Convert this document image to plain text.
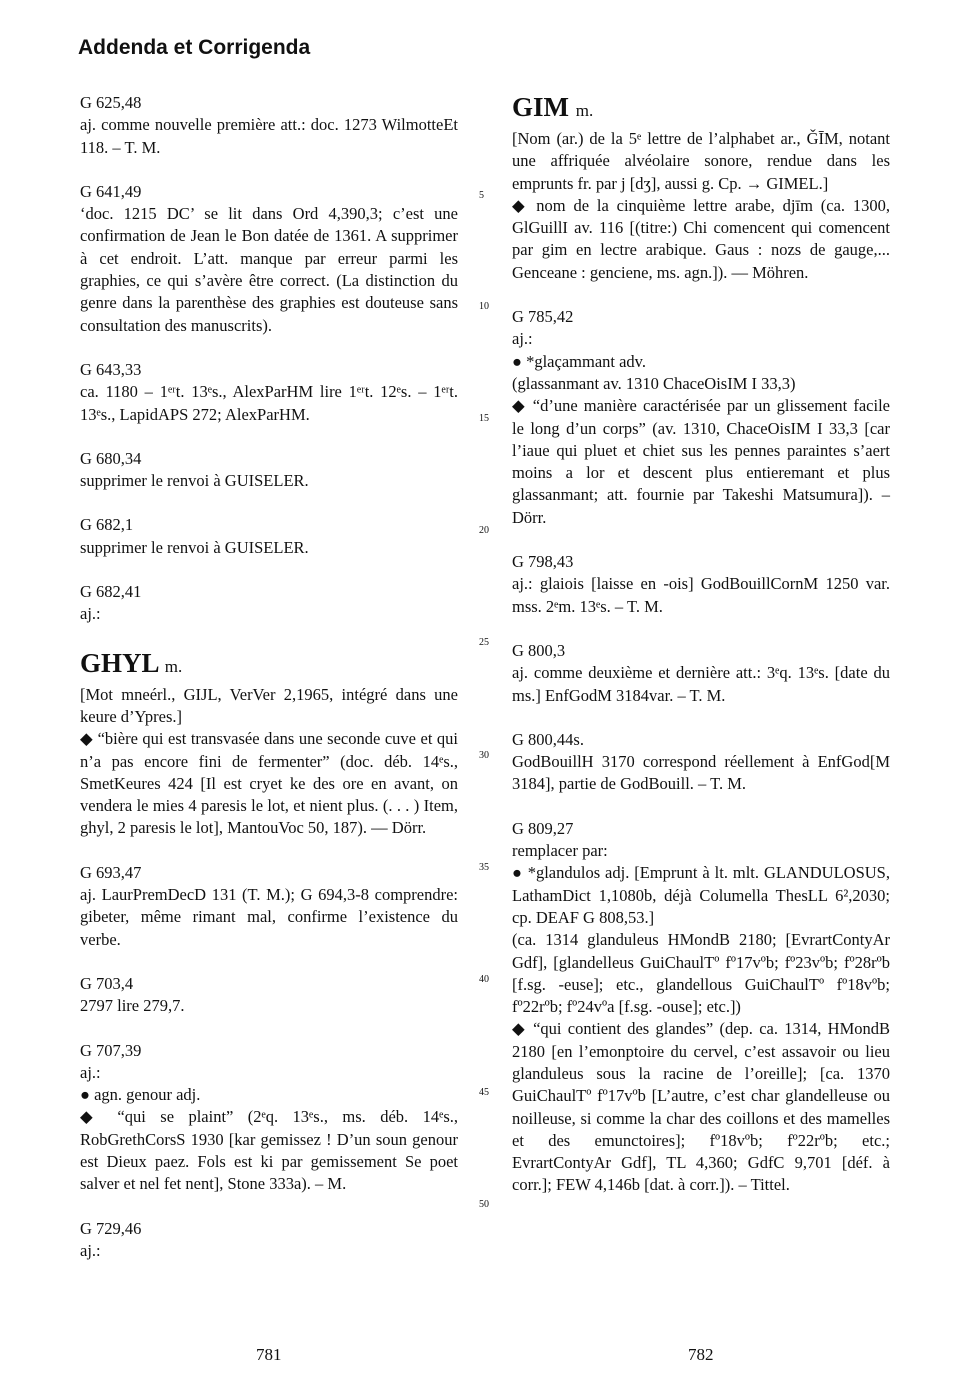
Addenda et Corrigenda

G 625,48

aj. comme nouvelle première att.: doc. 1273 WilmotteEt 118. – T. M.

G 641,49

‘doc. 1215 DC’ se lit dans Ord 4,390,3; c’est une confirmation de Jean le Bon datée de 1361. A supprimer à cet endroit. L’att. manque par erreur parmi les graphies, ce qui s’avère être correct. (La distinction du genre dans la parenthèse des graphies est douteuse sans consultation des manuscrits).

G 643,33

ca. 1180 – 1ᵉʳt. 13ᵉs., AlexParHM lire 1ᵉʳt. 12ᵉs. – 1ᵉʳt. 13ᵉs., LapidAPS 272; AlexParHM.

G 680,34

supprimer le renvoi à GUISELER.

G 682,1

supprimer le renvoi à GUISELER.

G 682,41

aj.:

GHYL m.

[Mot mneérl., GIJL, VerVer 2,1965, intégré dans une keure d’Ypres.]

◆ “bière qui est transvasée dans une seconde cuve et qui n’a pas encore fini de fermenter” (doc. déb. 14ᵉs., SmetKeures 424 [Il est cryet ke des ore en avant, on vendera le mies 4 paresis le lot, et nient plus. (. . . ) Item, ghyl, 2 paresis le lot], MantouVoc 50, 187). — Dörr.

G 693,47

aj. LaurPremDecD 131 (T. M.); G 694,3-8 comprendre: gibeter, même rimant mal, confirme l’existence du verbe.

G 703,4

2797 lire 279,7.

G 707,39

aj.:

● agn. genour adj.

◆ “qui se plaint” (2ᵉq. 13ᵉs., ms. déb. 14ᵉs., RobGrethCorsS 1930 [kar gemissez ! D’un soun genour est Dieux paez. Fols est ki par gemissement Se poet salver et nel fet nent], Stone 333a). – M.

G 729,46

aj.:

GIM m.

[Nom (ar.) de la 5ᵉ lettre de l’alphabet ar., ǦĪM, notant une affriquée alvéolaire sonore, rendue dans les emprunts fr. par j [dʒ], aussi g. Cp. → GIMEL.]

◆ nom de la cinquième lettre arabe, djīm (ca. 1300, GlGuillI av. 116 [(titre:) Chi comencent qui comencent par gim en lectre arabique. Gaus : nozs de gauge,... Genceane : genciene, ms. agn.]). — Möhren.

G 785,42

aj.:

● *glaçammant adv.

(glassanmant av. 1310 ChaceOisIM I 33,3)

◆ “d’une manière caractérisée par un glissement facile le long d’un corps” (av. 1310, ChaceOisIM I 33,3 [car l’iaue qui pluet et chiet sus les pennes paraintes s’aert moins a lor et descent plus entieremant et plus glassanmant; att. fournie par Takeshi Matsumura]). – Dörr.

G 798,43

aj.: glaiois [laisse en -ois] GodBouillCornM 1250 var. mss. 2ᵉm. 13ᵉs. – T. M.

G 800,3

aj. comme deuxième et dernière att.: 3ᵉq. 13ᵉs. [date du ms.] EnfGodM 3184var. – T. M.

G 800,44s.

GodBouillH 3170 correspond réellement à EnfGod[M 3184], partie de GodBouill. – T. M.

G 809,27

remplacer par:

● *glandulos adj. [Emprunt à lt. mlt. GLANDULOSUS, LathamDict 1,1080b, déjà Columella ThesLL 6²,2030; cp. DEAF G 808,53.]

(ca. 1314 glanduleus HMondB 2180; [EvrartContyAr Gdf], [glandelleus GuiChaulTº fº17vºb; fº23vºb; fº28rºb [f.sg. -euse]; etc., glandellous GuiChaulTº fº18vºb; fº22rºb; fº24vºa [f.sg. -ouse]; etc.])

◆ “qui contient des glandes” (dep. ca. 1314, HMondB 2180 [en l’emonptoire du cervel, c’est assavoir ou lieu glanduleus sous la racine de l’oreille]; [ca. 1370 GuiChaulTº fº17vºb [L’autre, c’est char glandelleuse ou noilleuse, si comme la char des coillons et des mamelles et des emunctoires]; fº18vºb; fº22rºb; etc.; EvrartContyAr Gdf], TL 4,360; GdfC 9,701 [déf. à corr.]; FEW 4,146b [dat. à corr.]). – Tittel.

5
10
15
20
25
30
35
40
45
50
781	782
